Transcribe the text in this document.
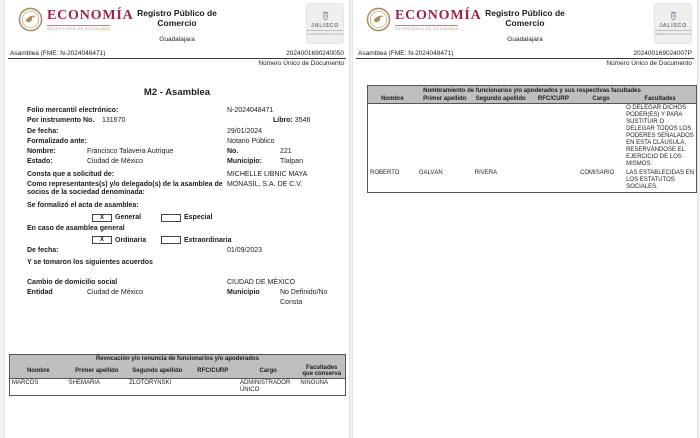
ECONOMÍA
SECRETARÍA DE ECONOMÍA
Registro Público de
Comercio
Guadalajara
JALISCO
GOBIERNO DEL ESTADO
Asamblea (FME: N-2024048471)	2024001690240050
Número Único de Documento
M2 - Asamblea
Folio mercantil electrónico:	N-2024048471
Por instrumento No.	131670	Libro: 3546
De fecha:	29/01/2024
Formalizado ante:	Notario Público
Nombre:	Francisco Talavera Autrique	No.	221
Estado:	Ciudad de México	Municipio:	Tlalpan
Consta que a solicitud de:	MICHELLE LIBNIC MAYA
Como representantes(s) y/o delegado(s) de la asamblea de socios de la sociedad denominada:
MONASIL, S.A. DE C.V.
Se formalizó el acta de asamblea:
X	General	Especial
En caso de asamblea general
X	Ordinaria	Extraordinaria
De fecha:	01/09/2023
Y se tomaron los siguientes acuerdos
Cambio de domicilio social	CIUDAD DE MÉXICO
Entidad	Ciudad de México	Municipio	No Definido/No Consta
Revocación y/o renuncia de funcionarios y/o apoderados					
Nombre	Primer apellido	Segundo apellido	RFC/CURP	Cargo	Facultades que conserva
MARCOS	SHEMARIA	ZLOTORYNSKI		ADMINISTRADOR ÚNICO	NINGUNA
ECONOMÍA
SECRETARÍA DE ECONOMÍA
Registro Público de
Comercio
Guadalajara
JALISCO
GOBIERNO DEL ESTADO
Asamblea (FME: N-2024048471)	202400169024007P
Número Único de Documento
Nombramiento de funcionarios y/o apoderados y sus respectivas facultades					
Nombre	Primer apellido	Segundo apellido	RFC/CURP	Cargo	Facultades
					O DELEGAR DICHOS PODER(ES) Y PARA SUSTITUIR O DELEGAR TODOS LOS PODERES SEÑALADOS EN ESTA CLÁUSULA, RESERVÁNDOSE EL EJERCICIO DE LOS MISMOS.
ROBERTO	GALVÁN	RIVERA		COMISARIO	LAS ESTABLECIDAS EN LOS ESTATUTOS SOCIALES.
